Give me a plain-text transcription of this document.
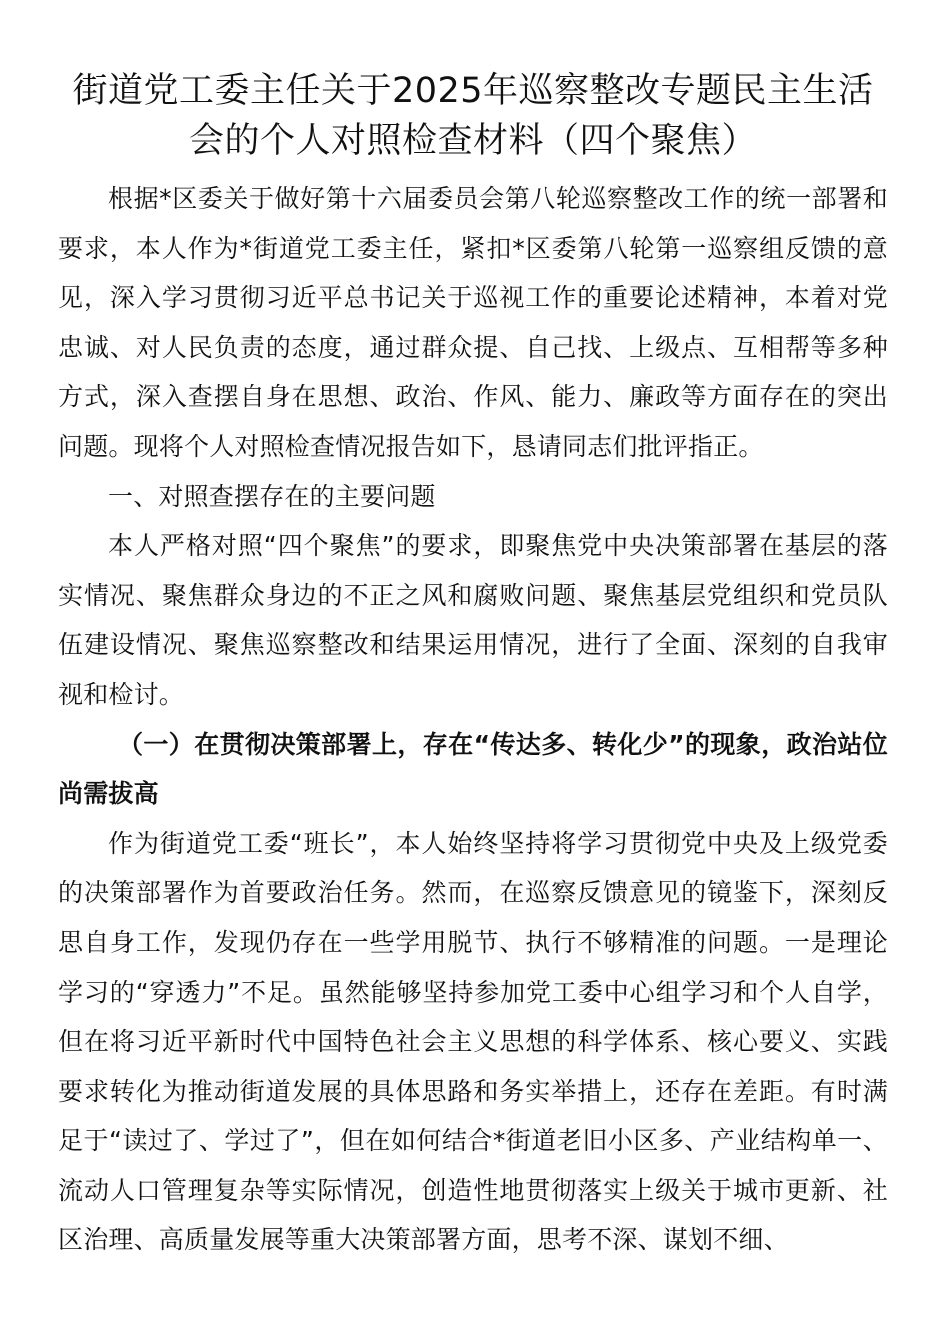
街道党工委主任关于2025年巡察整改专题民主生活会的个人对照检查材料（四个聚焦）

根据*区委关于做好第十六届委员会第八轮巡察整改工作的统一部署和要求，本人作为*街道党工委主任，紧扣*区委第八轮第一巡察组反馈的意见，深入学习贯彻习近平总书记关于巡视工作的重要论述精神，本着对党忠诚、对人民负责的态度，通过群众提、自己找、上级点、互相帮等多种方式，深入查摆自身在思想、政治、作风、能力、廉政等方面存在的突出问题。现将个人对照检查情况报告如下，恳请同志们批评指正。

一、对照查摆存在的主要问题

本人严格对照“四个聚焦”的要求，即聚焦党中央决策部署在基层的落实情况、聚焦群众身边的不正之风和腐败问题、聚焦基层党组织和党员队伍建设情况、聚焦巡察整改和结果运用情况，进行了全面、深刻的自我审视和检讨。

（一）在贯彻决策部署上，存在“传达多、转化少”的现象，政治站位尚需拔高

作为街道党工委“班长”，本人始终坚持将学习贯彻党中央及上级党委的决策部署作为首要政治任务。然而，在巡察反馈意见的镜鉴下，深刻反思自身工作，发现仍存在一些学用脱节、执行不够精准的问题。一是理论学习的“穿透力”不足。虽然能够坚持参加党工委中心组学习和个人自学，但在将习近平新时代中国特色社会主义思想的科学体系、核心要义、实践要求转化为推动街道发展的具体思路和务实举措上，还存在差距。有时满足于“读过了、学过了”，但在如何结合*街道老旧小区多、产业结构单一、流动人口管理复杂等实际情况，创造性地贯彻落实上级关于城市更新、社区治理、高质量发展等重大决策部署方面，思考不深、谋划不细、
